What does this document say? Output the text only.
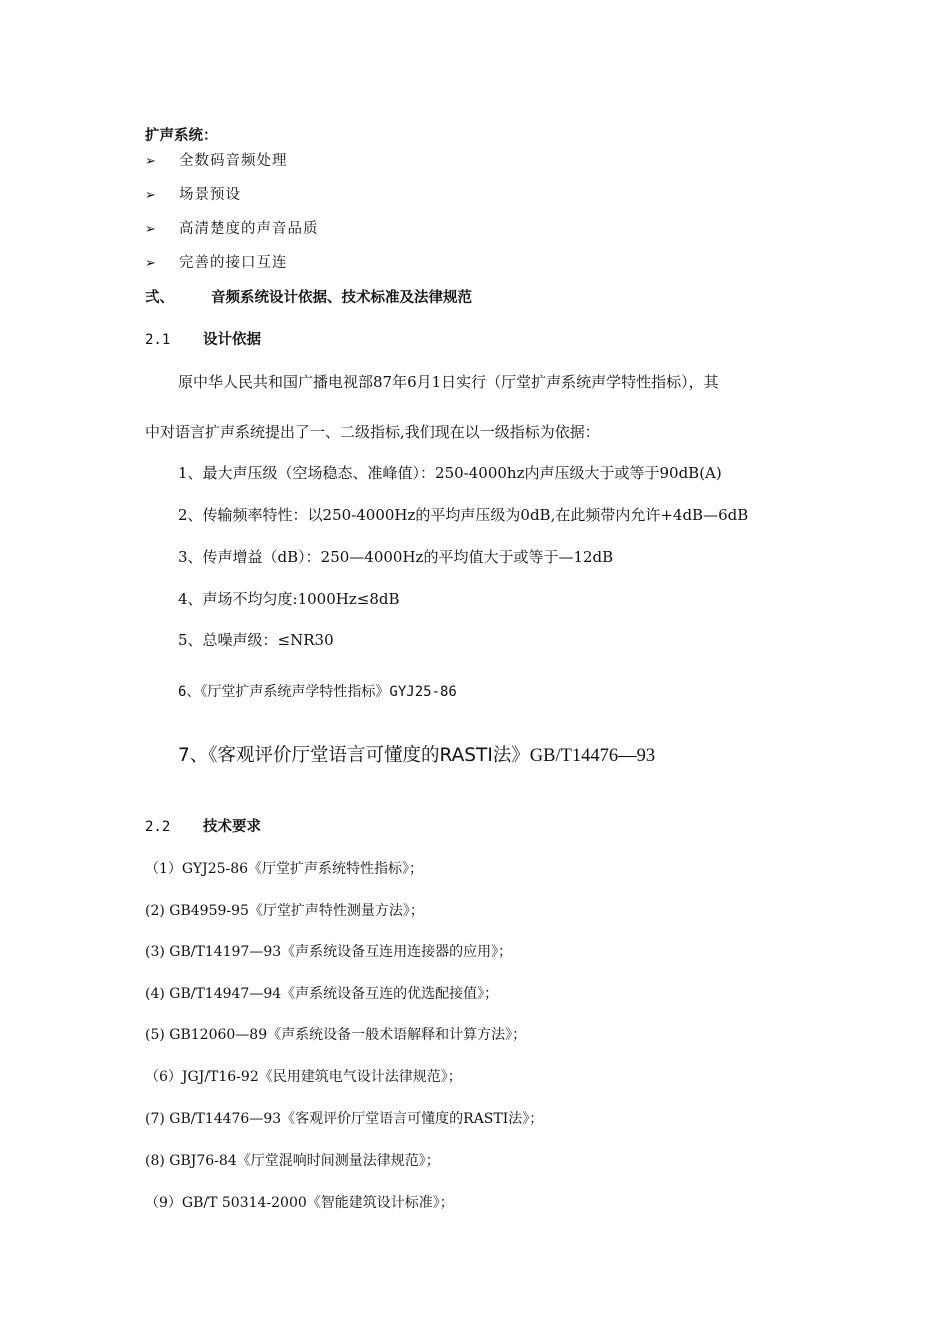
扩声系统：
➢ 全数码音频处理
➢ 场景预设
➢ 高清楚度的声音品质
➢ 完善的接口互连
弍、	音频系统设计依据、技术标准及法律规范
2.1 设计依据
原中华人民共和国广播电视部87年6月1日实行（厅堂扩声系统声学特性指标），其
中对语言扩声系统提出了一、二级指标,我们现在以一级指标为依据：
1、最大声压级（空场稳态、准峰值）：250-4000hz内声压级大于或等于90dB(A)
2、传输频率特性：以250-4000Hz的平均声压级为0dB,在此频带内允许+4dB—6dB
3、传声增益（dB）：250—4000Hz的平均值大于或等于—12dB
4、声场不均匀度:1000Hz≤8dB
5、总噪声级：≤NR30
6、《厅堂扩声系统声学特性指标》GYJ25-86
7、《客观评价厅堂语言可懂度的RASTI法》GB/T14476—93
2.2 技术要求
（1）GYJ25-86《厅堂扩声系统特性指标》；
(2) GB4959-95《厅堂扩声特性测量方法》；
(3) GB/T14197—93《声系统设备互连用连接器的应用》；
(4) GB/T14947—94《声系统设备互连的优选配接值》；
(5) GB12060—89《声系统设备一般术语解释和计算方法》；
（6）JGJ/T16-92《民用建筑电气设计法律规范》；
(7) GB/T14476—93《客观评价厅堂语言可懂度的RASTI法》；
(8) GBJ76-84《厅堂混响时间测量法律规范》；
（9）GB/T 50314-2000《智能建筑设计标准》；
